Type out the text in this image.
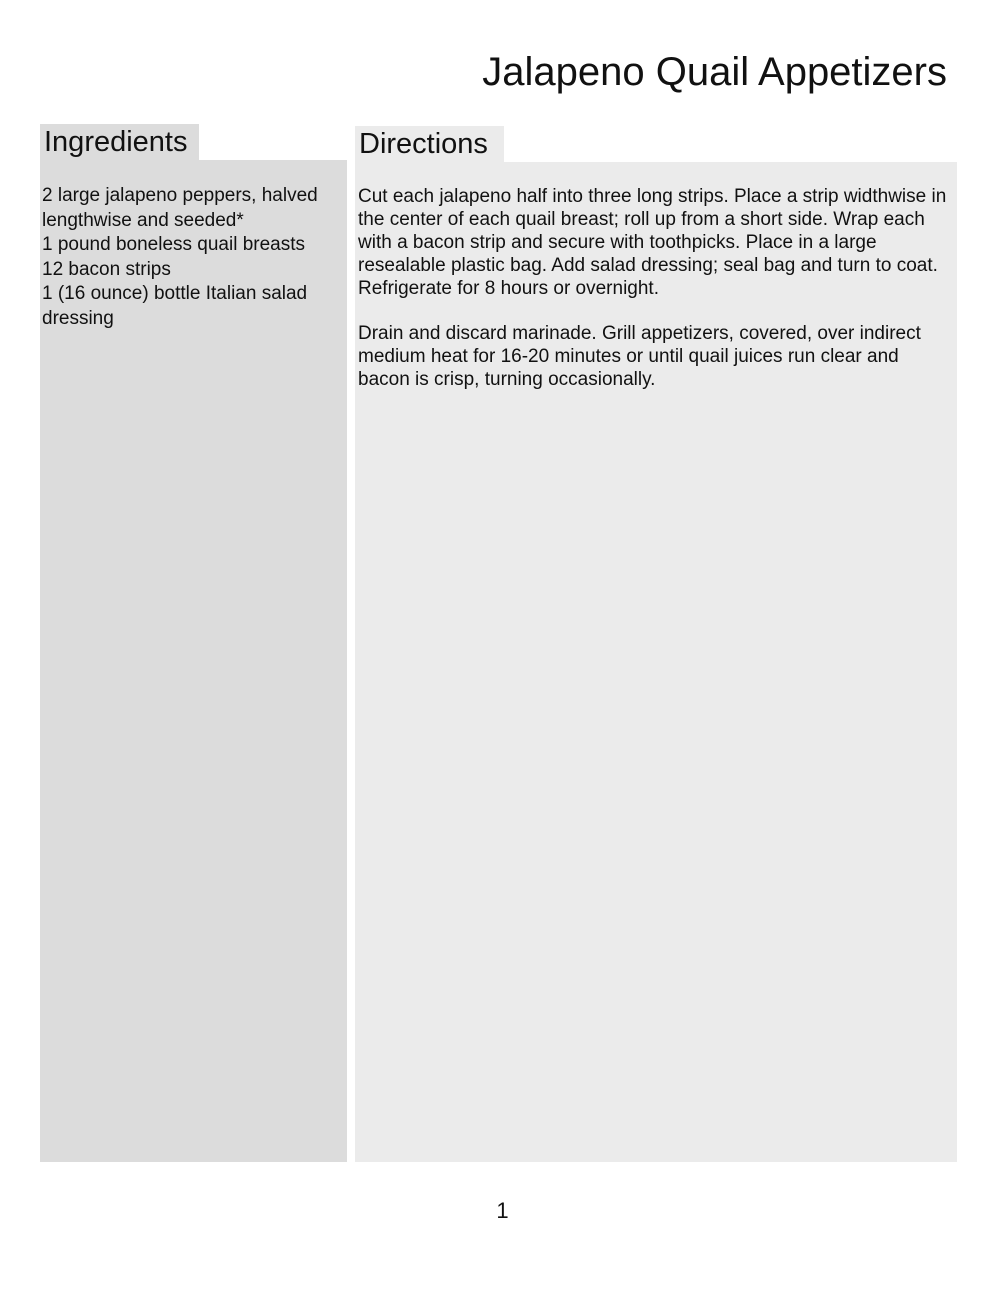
Jalapeno Quail Appetizers
Ingredients
2 large jalapeno peppers, halved lengthwise and seeded*
1 pound boneless quail breasts
12 bacon strips
1 (16 ounce) bottle Italian salad dressing
Directions

Cut each jalapeno half into three long strips. Place a strip widthwise in the center of each quail breast; roll up from a short side. Wrap each with a bacon strip and secure with toothpicks. Place in a large resealable plastic bag. Add salad dressing; seal bag and turn to coat. Refrigerate for 8 hours or overnight.

Drain and discard marinade. Grill appetizers, covered, over indirect medium heat for 16-20 minutes or until quail juices run clear and bacon is crisp, turning occasionally.

1
